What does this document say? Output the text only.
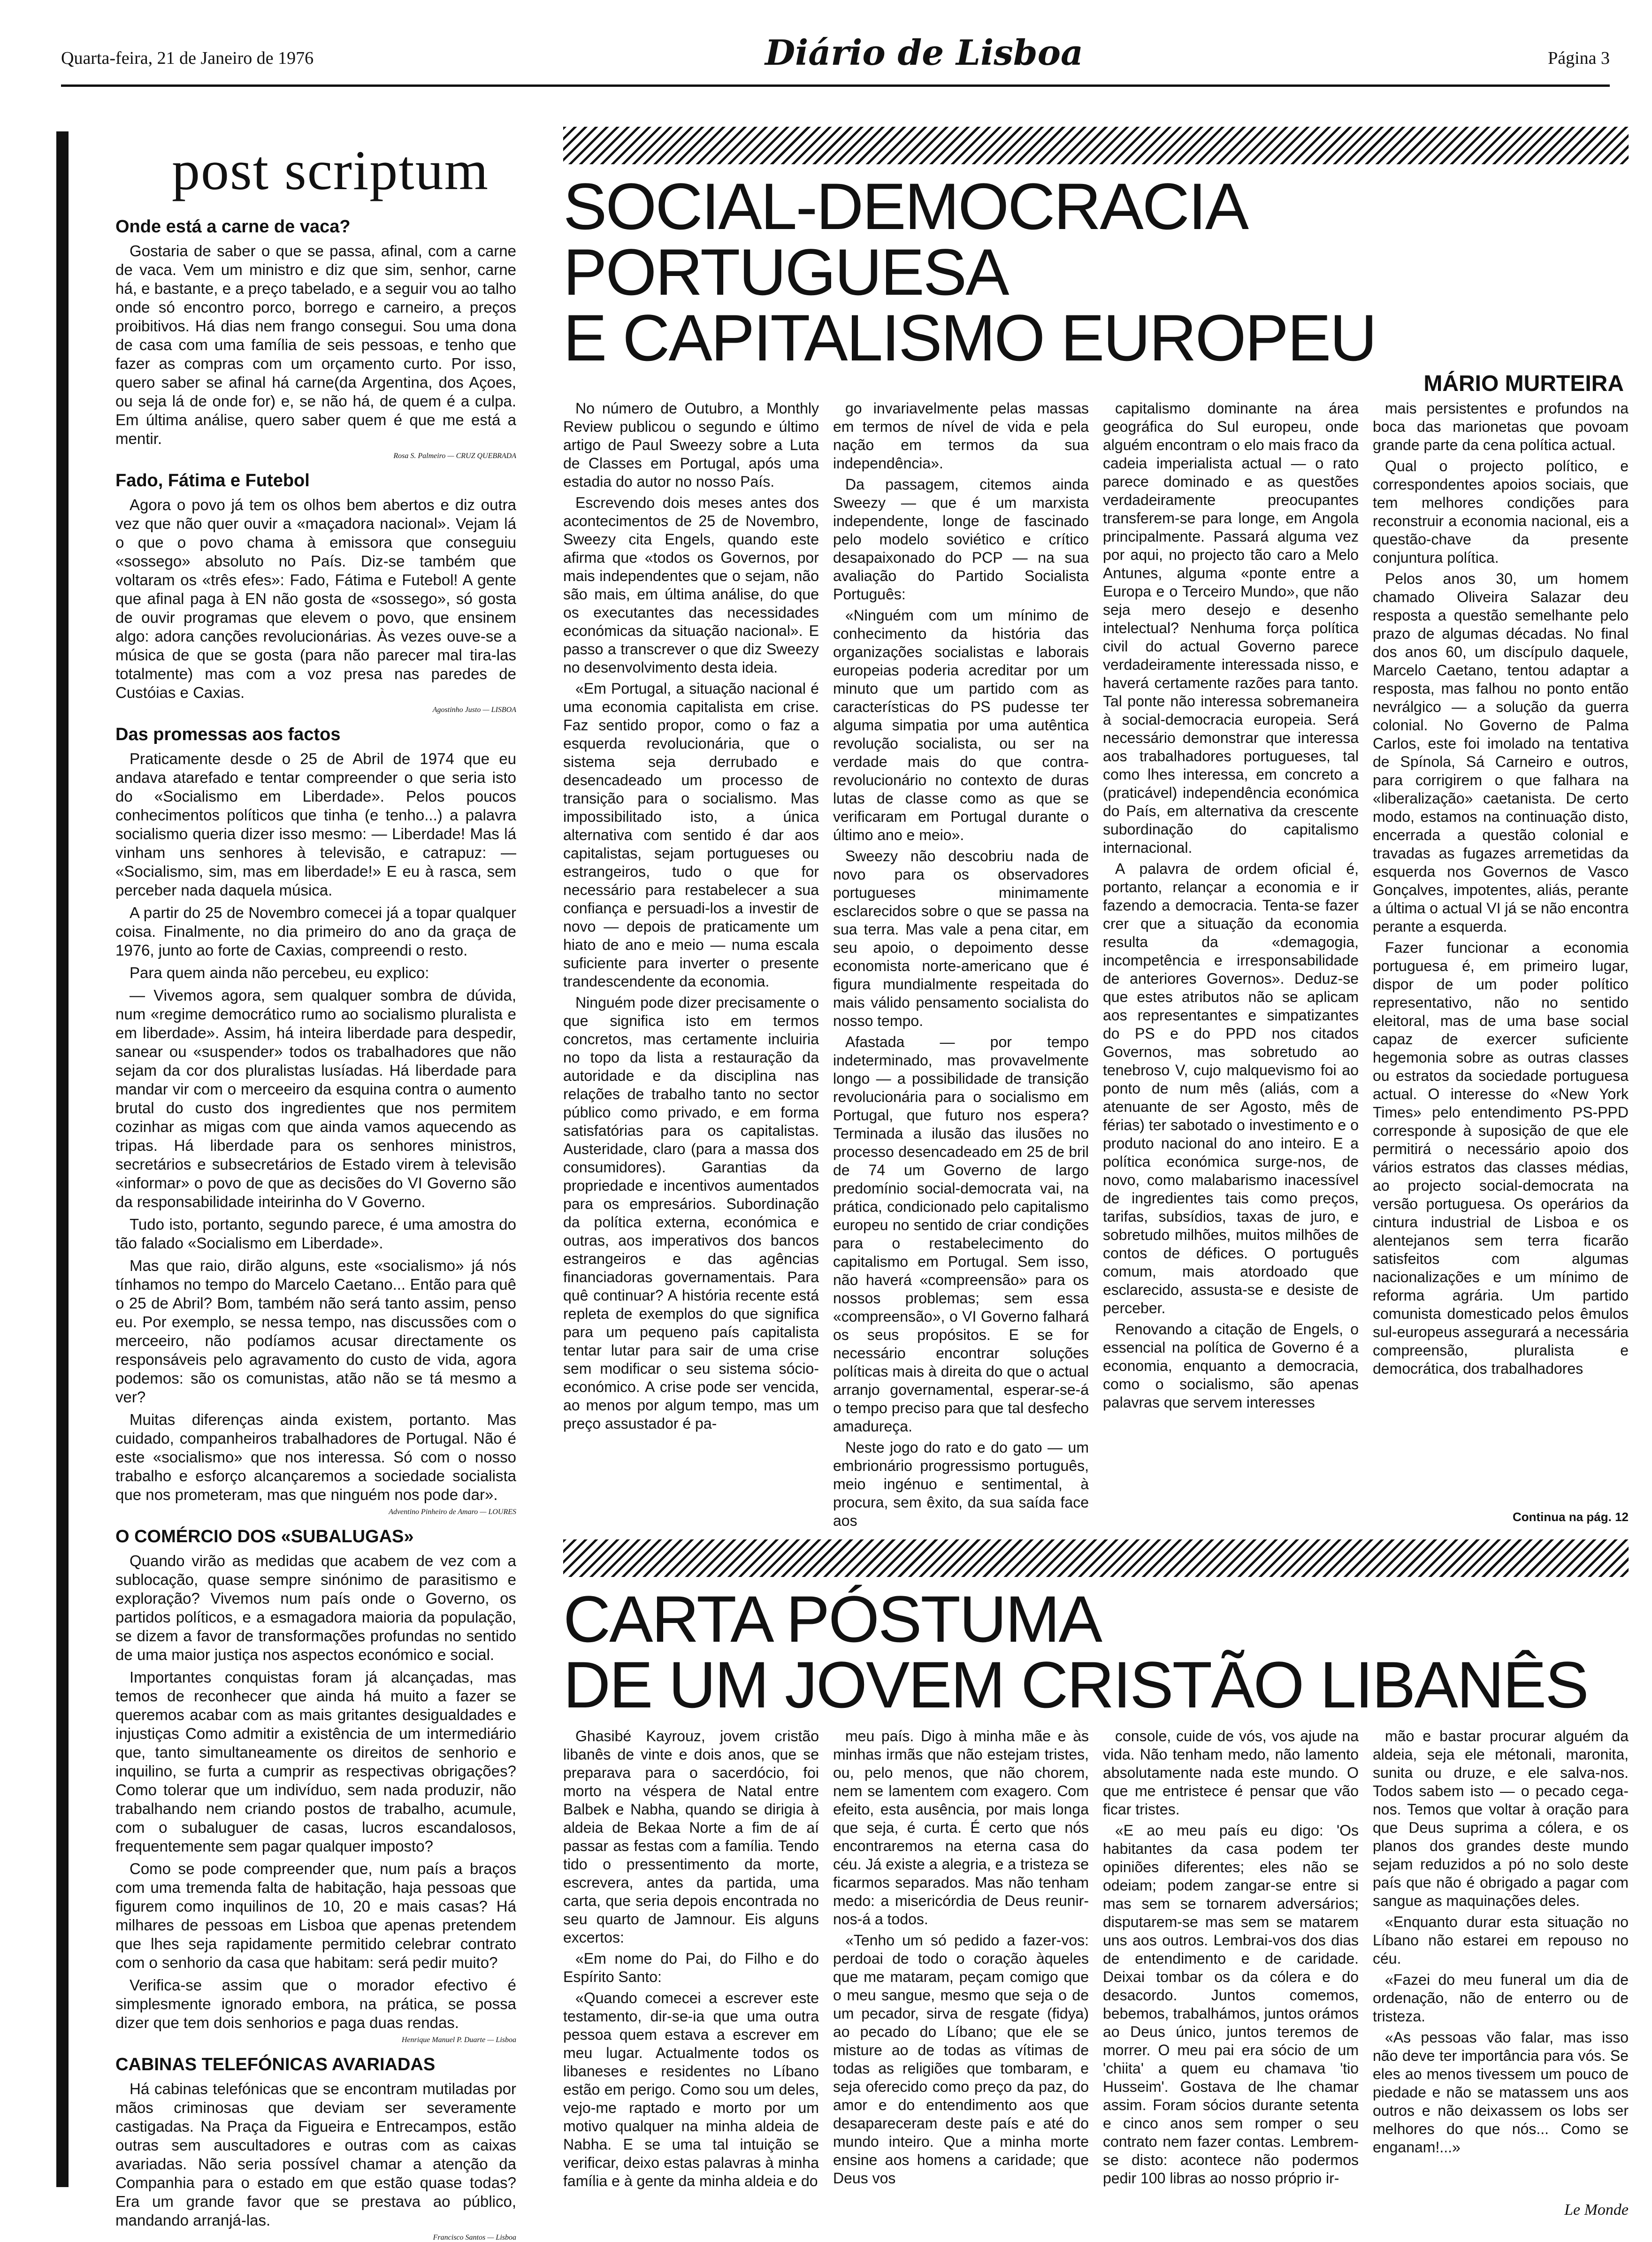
Quarta-feira, 21 de Janeiro de 1976	Diário de Lisboa	Página 3
post scriptum
Onde está a carne de vaca?

Gostaria de saber o que se passa, afinal, com a carne de vaca. Vem um ministro e diz que sim, senhor, carne há, e bastante, e a preço tabelado, e a seguir vou ao talho onde só encontro porco, borrego e carneiro, a preços proibitivos. Há dias nem frango consegui. Sou uma dona de casa com uma família de seis pessoas, e tenho que fazer as compras com um orçamento curto. Por isso, quero saber se afinal há carne(da Argentina, dos Açoes, ou seja lá de onde for) e, se não há, de quem é a culpa. Em última análise, quero saber quem é que me está a mentir.

Rosa S. Palmeiro — CRUZ QUEBRADA
Fado, Fátima e Futebol

Agora o povo já tem os olhos bem abertos e diz outra vez que não quer ouvir a «maçadora nacional». Vejam lá o que o povo chama à emissora que conseguiu «sossego» absoluto no País. Diz-se também que voltaram os «três efes»: Fado, Fátima e Futebol! A gente que afinal paga à EN não gosta de «sossego», só gosta de ouvir programas que elevem o povo, que ensinem algo: adora canções revolucionárias. Às vezes ouve-se a música de que se gosta (para não parecer mal tira-las totalmente) mas com a voz presa nas paredes de Custóias e Caxias.

Agostinho Justo — LISBOA
Das promessas aos factos

Praticamente desde o 25 de Abril de 1974 que eu andava atarefado e tentar compreender o que seria isto do «Socialismo em Liberdade». Pelos poucos conhecimentos políticos que tinha (e tenho...) a palavra socialismo queria dizer isso mesmo: — Liberdade! Mas lá vinham uns senhores à televisão, e catrapuz: — «Socialismo, sim, mas em liberdade!» E eu à rasca, sem perceber nada daquela música.

A partir do 25 de Novembro comecei já a topar qualquer coisa. Finalmente, no dia primeiro do ano da graça de 1976, junto ao forte de Caxias, compreendi o resto.

Para quem ainda não percebeu, eu explico:

— Vivemos agora, sem qualquer sombra de dúvida, num «regime democrático rumo ao socialismo pluralista e em liberdade». Assim, há inteira liberdade para despedir, sanear ou «suspender» todos os trabalhadores que não sejam da cor dos pluralistas lusíadas. Há liberdade para mandar vir com o merceeiro da esquina contra o aumento brutal do custo dos ingredientes que nos permitem cozinhar as migas com que ainda vamos aquecendo as tripas. Há liberdade para os senhores ministros, secretários e subsecretários de Estado virem à televisão «informar» o povo de que as decisões do VI Governo são da responsabilidade inteirinha do V Governo.

Tudo isto, portanto, segundo parece, é uma amostra do tão falado «Socialismo em Liberdade».

Mas que raio, dirão alguns, este «socialismo» já nós tínhamos no tempo do Marcelo Caetano... Então para quê o 25 de Abril? Bom, também não será tanto assim, penso eu. Por exemplo, se nessa tempo, nas discussões com o merceeiro, não podíamos acusar directamente os responsáveis pelo agravamento do custo de vida, agora podemos: são os comunistas, atão não se tá mesmo a ver?

Muitas diferenças ainda existem, portanto. Mas cuidado, companheiros trabalhadores de Portugal. Não é este «socialismo» que nos interessa. Só com o nosso trabalho e esforço alcançaremos a sociedade socialista que nos prometeram, mas que ninguém nos pode dar».

Adventino Pinheiro de Amaro — LOURES
O COMÉRCIO DOS «SUBALUGAS»

Quando virão as medidas que acabem de vez com a sublocação, quase sempre sinónimo de parasitismo e exploração? Vivemos num país onde o Governo, os partidos políticos, e a esmagadora maioria da população, se dizem a favor de transformações profundas no sentido de uma maior justiça nos aspectos económico e social.

Importantes conquistas foram já alcançadas, mas temos de reconhecer que ainda há muito a fazer se queremos acabar com as mais gritantes desigualdades e injustiças Como admitir a existência de um intermediário que, tanto simultaneamente os direitos de senhorio e inquilino, se furta a cumprir as respectivas obrigações? Como tolerar que um indivíduo, sem nada produzir, não trabalhando nem criando postos de trabalho, acumule, com o subaluguer de casas, lucros escandalosos, frequentemente sem pagar qualquer imposto?

Como se pode compreender que, num país a braços com uma tremenda falta de habitação, haja pessoas que figurem como inquilinos de 10, 20 e mais casas? Há milhares de pessoas em Lisboa que apenas pretendem que lhes seja rapidamente permitido celebrar contrato com o senhorio da casa que habitam: será pedir muito?

Verifica-se assim que o morador efectivo é simplesmente ignorado embora, na prática, se possa dizer que tem dois senhorios e paga duas rendas.

Henrique Manuel P. Duarte — Lisboa
CABINAS TELEFÓNICAS AVARIADAS

Há cabinas telefónicas que se encontram mutiladas por mãos criminosas que deviam ser severamente castigadas. Na Praça da Figueira e Entrecampos, estão outras sem auscultadores e outras com as caixas avariadas. Não seria possível chamar a atenção da Companhia para o estado em que estão quase todas? Era um grande favor que se prestava ao público, mandando arranjá-las.

Francisco Santos — Lisboa
SOCIAL-DEMOCRACIA
PORTUGUESA
E CAPITALISMO EUROPEU
MÁRIO MURTEIRA

No número de Outubro, a Monthly Review publicou o segundo e último artigo de Paul Sweezy sobre a Luta de Classes em Portugal, após uma estadia do autor no nosso País.

Escrevendo dois meses antes dos acontecimentos de 25 de Novembro, Sweezy cita Engels, quando este afirma que «todos os Governos, por mais independentes que o sejam, não são mais, em última análise, do que os executantes das necessidades económicas da situação nacional». E passo a transcrever o que diz Sweezy no desenvolvimento desta ideia.

«Em Portugal, a situação nacional é uma economia capitalista em crise. Faz sentido propor, como o faz a esquerda revolucionária, que o sistema seja derrubado e desencadeado um processo de transição para o socialismo. Mas impossibilitado isto, a única alternativa com sentido é dar aos capitalistas, sejam portugueses ou estrangeiros, tudo o que for necessário para restabelecer a sua confiança e persuadi-los a investir de novo — depois de praticamente um hiato de ano e meio — numa escala suficiente para inverter o presente trandescendente da economia.

Ninguém pode dizer precisamente o que significa isto em termos concretos, mas certamente incluiria no topo da lista a restauração da autoridade e da disciplina nas relações de trabalho tanto no sector público como privado, e em forma satisfatórias para os capitalistas. Austeridade, claro (para a massa dos consumidores). Garantias da propriedade e incentivos aumentados para os empresários. Subordinação da política externa, económica e outras, aos imperativos dos bancos estrangeiros e das agências financiadoras governamentais. Para quê continuar? A história recente está repleta de exemplos do que significa para um pequeno país capitalista tentar lutar para sair de uma crise sem modificar o seu sistema sócio-económico. A crise pode ser vencida, ao menos por algum tempo, mas um preço assustador é pa-

go invariavelmente pelas massas em termos de nível de vida e pela nação em termos da sua independência».

Da passagem, citemos ainda Sweezy — que é um marxista independente, longe de fascinado pelo modelo soviético e crítico desapaixonado do PCP — na sua avaliação do Partido Socialista Português:

«Ninguém com um mínimo de conhecimento da história das organizações socialistas e laborais europeias poderia acreditar por um minuto que um partido com as características do PS pudesse ter alguma simpatia por uma autêntica revolução socialista, ou ser na verdade mais do que contra-revolucionário no contexto de duras lutas de classe como as que se verificaram em Portugal durante o último ano e meio».

Sweezy não descobriu nada de novo para os observadores portugueses minimamente esclarecidos sobre o que se passa na sua terra. Mas vale a pena citar, em seu apoio, o depoimento desse economista norte-americano que é figura mundialmente respeitada do mais válido pensamento socialista do nosso tempo.

Afastada — por tempo indeterminado, mas provavelmente longo — a possibilidade de transição revolucionária para o socialismo em Portugal, que futuro nos espera? Terminada a ilusão das ilusões no processo desencadeado em 25 de bril de 74 um Governo de largo predomínio social-democrata vai, na prática, condicionado pelo capitalismo europeu no sentido de criar condições para o restabelecimento do capitalismo em Portugal. Sem isso, não haverá «compreensão» para os nossos problemas; sem essa «compreensão», o VI Governo falhará os seus propósitos. E se for necessário encontrar soluções políticas mais à direita do que o actual arranjo governamental, esperar-se-á o tempo preciso para que tal desfecho amadureça.

Neste jogo do rato e do gato — um embrionário progressismo português, meio ingénuo e sentimental, à procura, sem êxito, da sua saída face aos

capitalismo dominante na área geográfica do Sul europeu, onde alguém encontram o elo mais fraco da cadeia imperialista actual — o rato parece dominado e as questões verdadeiramente preocupantes transferem-se para longe, em Angola principalmente. Passará alguma vez por aqui, no projecto tão caro a Melo Antunes, alguma «ponte entre a Europa e o Terceiro Mundo», que não seja mero desejo e desenho intelectual? Nenhuma força política civil do actual Governo parece verdadeiramente interessada nisso, e haverá certamente razões para tanto. Tal ponte não interessa sobremaneira à social-democracia europeia. Será necessário demonstrar que interessa aos trabalhadores portugueses, tal como lhes interessa, em concreto a (praticável) independência económica do País, em alternativa da crescente subordinação do capitalismo internacional.

A palavra de ordem oficial é, portanto, relançar a economia e ir fazendo a democracia. Tenta-se fazer crer que a situação da economia resulta da «demagogia, incompetência e irresponsabilidade de anteriores Governos». Deduz-se que estes atributos não se aplicam aos representantes e simpatizantes do PS e do PPD nos citados Governos, mas sobretudo ao tenebroso V, cujo malquevismo foi ao ponto de num mês (aliás, com a atenuante de ser Agosto, mês de férias) ter sabotado o investimento e o produto nacional do ano inteiro. E a política económica surge-nos, de novo, como malabarismo inacessível de ingredientes tais como preços, tarifas, subsídios, taxas de juro, e sobretudo milhões, muitos milhões de contos de défices. O português comum, mais atordoado que esclarecido, assusta-se e desiste de perceber.

Renovando a citação de Engels, o essencial na política de Governo é a economia, enquanto a democracia, como o socialismo, são apenas palavras que servem interesses

mais persistentes e profundos na boca das marionetas que povoam grande parte da cena política actual.

Qual o projecto político, e correspondentes apoios sociais, que tem melhores condições para reconstruir a economia nacional, eis a questão-chave da presente conjuntura política.

Pelos anos 30, um homem chamado Oliveira Salazar deu resposta a questão semelhante pelo prazo de algumas décadas. No final dos anos 60, um discípulo daquele, Marcelo Caetano, tentou adaptar a resposta, mas falhou no ponto então nevrálgico — a solução da guerra colonial. No Governo de Palma Carlos, este foi imolado na tentativa de Spínola, Sá Carneiro e outros, para corrigirem o que falhara na «liberalização» caetanista. De certo modo, estamos na continuação disto, encerrada a questão colonial e travadas as fugazes arremetidas da esquerda nos Governos de Vasco Gonçalves, impotentes, aliás, perante a última o actual VI já se não encontra perante a esquerda.

Fazer funcionar a economia portuguesa é, em primeiro lugar, dispor de um poder político representativo, não no sentido eleitoral, mas de uma base social capaz de exercer suficiente hegemonia sobre as outras classes ou estratos da sociedade portuguesa actual. O interesse do «New York Times» pelo entendimento PS-PPD corresponde à suposição de que ele permitirá o necessário apoio dos vários estratos das classes médias, ao projecto social-democrata na versão portuguesa. Os operários da cintura industrial de Lisboa e os alentejanos sem terra ficarão satisfeitos com algumas nacionalizações e um mínimo de reforma agrária. Um partido comunista domesticado pelos êmulos sul-europeus assegurará a necessária compreensão, pluralista e democrática, dos trabalhadores

Continua na pág. 12
CARTA PÓSTUMA
DE UM JOVEM CRISTÃO LIBANÊS

Ghasibé Kayrouz, jovem cristão libanês de vinte e dois anos, que se preparava para o sacerdócio, foi morto na véspera de Natal entre Balbek e Nabha, quando se dirigia à aldeia de Bekaa Norte a fim de aí passar as festas com a família. Tendo tido o pressentimento da morte, escrevera, antes da partida, uma carta, que seria depois encontrada no seu quarto de Jamnour. Eis alguns excertos:

«Em nome do Pai, do Filho e do Espírito Santo:

«Quando comecei a escrever este testamento, dir-se-ia que uma outra pessoa quem estava a escrever em meu lugar. Actualmente todos os libaneses e residentes no Líbano estão em perigo. Como sou um deles, vejo-me raptado e morto por um motivo qualquer na minha aldeia de Nabha. E se uma tal intuição se verificar, deixo estas palavras à minha família e à gente da minha aldeia e do

meu país. Digo à minha mãe e às minhas irmãs que não estejam tristes, ou, pelo menos, que não chorem, nem se lamentem com exagero. Com efeito, esta ausência, por mais longa que seja, é curta. É certo que nós encontraremos na eterna casa do céu. Já existe a alegria, e a tristeza se ficarmos separados. Mas não tenham medo: a misericórdia de Deus reunir-nos-á a todos.

«Tenho um só pedido a fazer-vos: perdoai de todo o coração àqueles que me mataram, peçam comigo que o meu sangue, mesmo que seja o de um pecador, sirva de resgate (fidya) ao pecado do Líbano; que ele se misture ao de todas as vítimas de todas as religiões que tombaram, e seja oferecido como preço da paz, do amor e do entendimento aos que desapareceram deste país e até do mundo inteiro. Que a minha morte ensine aos homens a caridade; que Deus vos

console, cuide de vós, vos ajude na vida. Não tenham medo, não lamento absolutamente nada este mundo. O que me entristece é pensar que vão ficar tristes.

«E ao meu país eu digo: 'Os habitantes da casa podem ter opiniões diferentes; eles não se odeiam; podem zangar-se entre si mas sem se tornarem adversários; disputarem-se mas sem se matarem uns aos outros. Lembrai-vos dos dias de entendimento e de caridade. Deixai tombar os da cólera e do desacordo. Juntos comemos, bebemos, trabalhámos, juntos orámos ao Deus único, juntos teremos de morrer. O meu pai era sócio de um 'chiita' a quem eu chamava 'tio Husseim'. Gostava de lhe chamar assim. Foram sócios durante setenta e cinco anos sem romper o seu contrato nem fazer contas. Lembrem-se disto: acontece não podermos pedir 100 libras ao nosso próprio ir-

mão e bastar procurar alguém da aldeia, seja ele métonali, maronita, sunita ou druze, e ele salva-nos. Todos sabem isto — o pecado cega-nos. Temos que voltar à oração para que Deus suprima a cólera, e os planos dos grandes deste mundo sejam reduzidos a pó no solo deste país que não é obrigado a pagar com sangue as maquinações deles.

«Enquanto durar esta situação no Líbano não estarei em repouso no céu.

«Fazei do meu funeral um dia de ordenação, não de enterro ou de tristeza.

«As pessoas vão falar, mas isso não deve ter importância para vós. Se eles ao menos tivessem um pouco de piedade e não se matassem uns aos outros e não deixassem os lobs ser melhores do que nós... Como se enganam!...»

Le Monde
